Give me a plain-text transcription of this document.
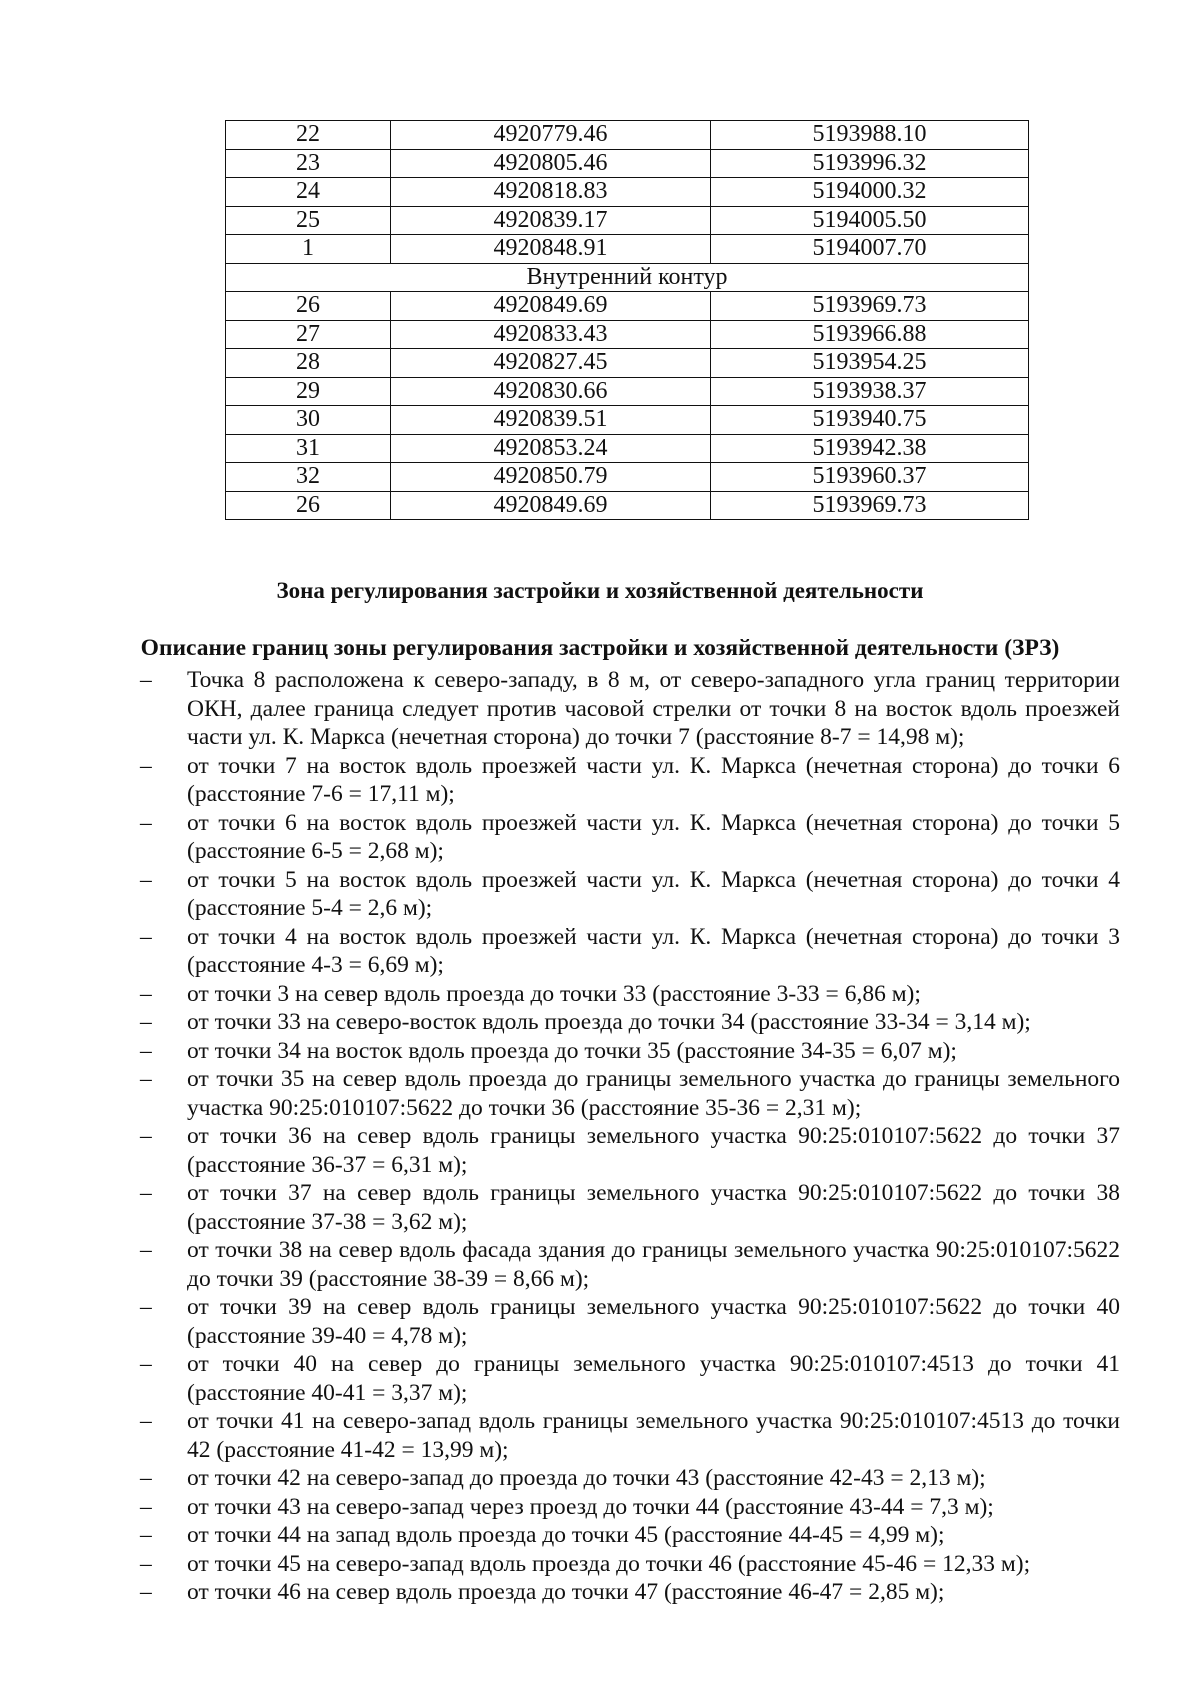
22	4920779.46	5193988.10
23	4920805.46	5193996.32
24	4920818.83	5194000.32
25	4920839.17	5194005.50
1	4920848.91	5194007.70
Внутренний контур		
26	4920849.69	5193969.73
27	4920833.43	5193966.88
28	4920827.45	5193954.25
29	4920830.66	5193938.37
30	4920839.51	5193940.75
31	4920853.24	5193942.38
32	4920850.79	5193960.37
26	4920849.69	5193969.73
Зона регулирования застройки и хозяйственной деятельности
Описание границ зоны регулирования застройки и хозяйственной деятельности (ЗРЗ)
–	Точка 8 расположена к северо-западу, в 8 м, от северо-западного угла границ территории ОКН, далее граница следует против часовой стрелки от точки 8 на восток вдоль проезжей части ул. К. Маркса (нечетная сторона) до точки 7 (расстояние 8-7 = 14,98 м);
–	от точки 7 на восток вдоль проезжей части ул. К. Маркса (нечетная сторона) до точки 6 (расстояние 7-6 = 17,11 м);
–	от точки 6 на восток вдоль проезжей части ул. К. Маркса (нечетная сторона) до точки 5 (расстояние 6-5 = 2,68 м);
–	от точки 5 на восток вдоль проезжей части ул. К. Маркса (нечетная сторона) до точки 4 (расстояние 5-4 = 2,6 м);
–	от точки 4 на восток вдоль проезжей части ул. К. Маркса (нечетная сторона) до точки 3 (расстояние 4-3 = 6,69 м);
–	от точки 3 на север вдоль проезда до точки 33 (расстояние 3-33 = 6,86 м);
–	от точки 33 на северо-восток вдоль проезда до точки 34 (расстояние 33-34 = 3,14 м);
–	от точки 34 на восток вдоль проезда до точки 35 (расстояние 34-35 = 6,07 м);
–	от точки 35 на север вдоль проезда до границы земельного участка до границы земельного участка 90:25:010107:5622 до точки 36 (расстояние 35-36 = 2,31 м);
–	от точки 36 на север вдоль границы земельного участка 90:25:010107:5622 до точки 37 (расстояние 36-37 = 6,31 м);
–	от точки 37 на север вдоль границы земельного участка 90:25:010107:5622 до точки 38 (расстояние 37-38 = 3,62 м);
–	от точки 38 на север вдоль фасада здания до границы земельного участка 90:25:010107:5622 до точки 39 (расстояние 38-39 = 8,66 м);
–	от точки 39 на север вдоль границы земельного участка 90:25:010107:5622 до точки 40 (расстояние 39-40 = 4,78 м);
–	от точки 40 на север до границы земельного участка 90:25:010107:4513 до точки 41 (расстояние 40-41 = 3,37 м);
–	от точки 41 на северо-запад вдоль границы земельного участка 90:25:010107:4513 до точки 42 (расстояние 41-42 = 13,99 м);
–	от точки 42 на северо-запад до проезда до точки 43 (расстояние 42-43 = 2,13 м);
–	от точки 43 на северо-запад через проезд до точки 44 (расстояние 43-44 = 7,3 м);
–	от точки 44 на запад вдоль проезда до точки 45 (расстояние 44-45 = 4,99 м);
–	от точки 45 на северо-запад вдоль проезда до точки 46 (расстояние 45-46 = 12,33 м);
–	от точки 46 на север вдоль проезда до точки 47 (расстояние 46-47 = 2,85 м);
